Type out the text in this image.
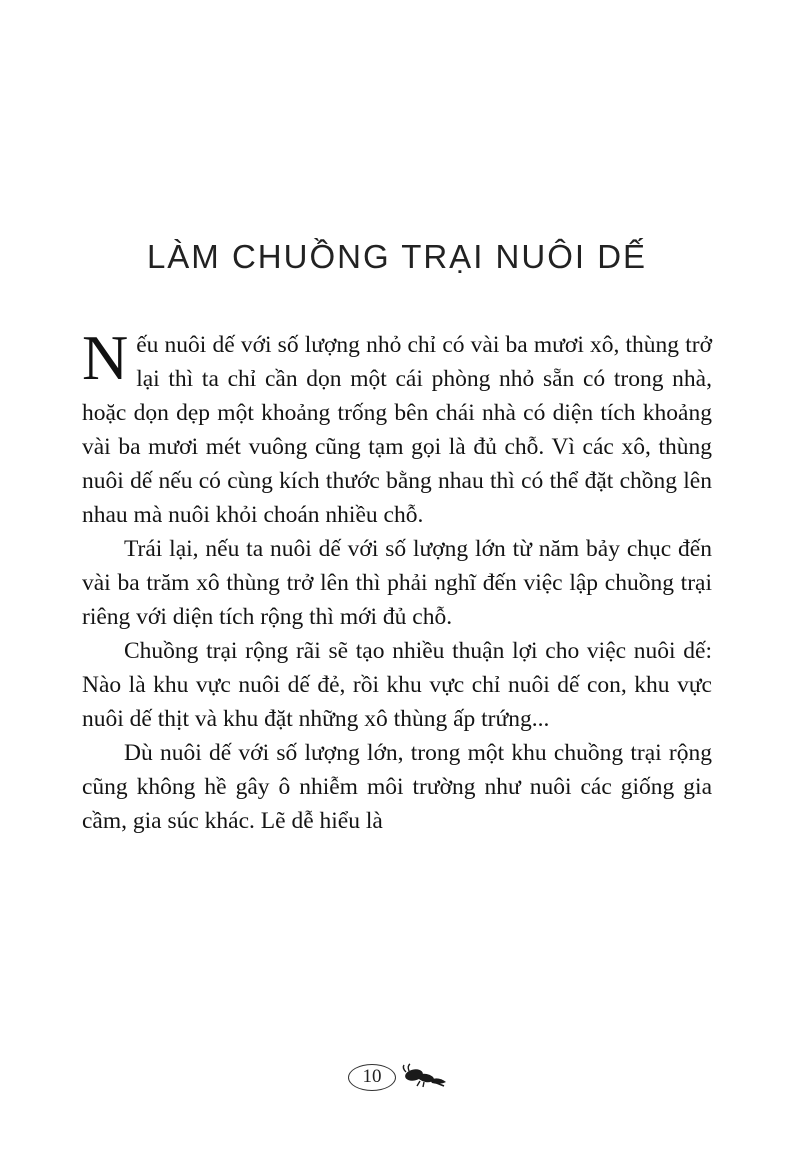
LÀM CHUỒNG TRẠI NUÔI DẾ

Nếu nuôi dế với số lượng nhỏ chỉ có vài ba mươi xô, thùng trở lại thì ta chỉ cần dọn một cái phòng nhỏ sẵn có trong nhà, hoặc dọn dẹp một khoảng trống bên chái nhà có diện tích khoảng vài ba mươi mét vuông cũng tạm gọi là đủ chỗ. Vì các xô, thùng nuôi dế nếu có cùng kích thước bằng nhau thì có thể đặt chồng lên nhau mà nuôi khỏi choán nhiều chỗ.

Trái lại, nếu ta nuôi dế với số lượng lớn từ năm bảy chục đến vài ba trăm xô thùng trở lên thì phải nghĩ đến việc lập chuồng trại riêng với diện tích rộng thì mới đủ chỗ.

Chuồng trại rộng rãi sẽ tạo nhiều thuận lợi cho việc nuôi dế: Nào là khu vực nuôi dế đẻ, rồi khu vực chỉ nuôi dế con, khu vực nuôi dế thịt và khu đặt những xô thùng ấp trứng...

Dù nuôi dế với số lượng lớn, trong một khu chuồng trại rộng cũng không hề gây ô nhiễm môi trường như nuôi các giống gia cầm, gia súc khác. Lẽ dễ hiểu là

10
